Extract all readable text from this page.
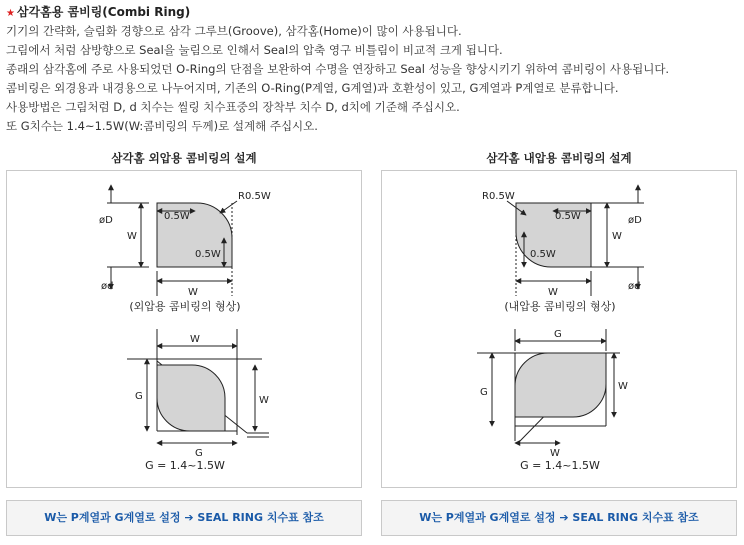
★ 삼각홈용 콤비링(Combi Ring)
기기의 간략화, 슬림화 경향으로 삼각 그루브(Groove), 삼각홈(Home)이 많이 사용됩니다.
그림에서 처럼 삼방향으로 Seal을 눌림으로 인해서 Seal의 압축 영구 비틀림이 비교적 크게 됩니다.
종래의 삼각홈에 주로 사용되었던 O-Ring의 단점을 보완하여 수명을 연장하고 Seal 성능을 향상시키기 위하여 콤비링이 사용됩니다.
콤비링은 외경용과 내경용으로 나누어지며, 기존의 O-Ring(P계열, G계열)과 호환성이 있고, G계열과 P계열로 분류합니다.
사용방법은 그림처럼 D, d 치수는 씰링 치수표중의 장착부 치수 D, d치에 기준해 주십시오.
또 G치수는 1.4~1.5W(W:콤비링의 두께)로 설계해 주십시오.
삼각홈 외압용 콤비링의 설계
øD
ød
W
W
0.5W
0.5W
R0.5W
W
G
G	W
(외압용 콤비링의 형상)
G = 1.4~1.5W
W는 P계열과 G계열로 설정 ➔ SEAL RING 치수표 참조
삼각홈 내압용 콤비링의 설계
øD
ød
W
W
0.5W
0.5W
R0.5W
G
G
W
W
(내압용 콤비링의 형상)
G = 1.4~1.5W
W는 P계열과 G계열로 설정 ➔ SEAL RING 치수표 참조
